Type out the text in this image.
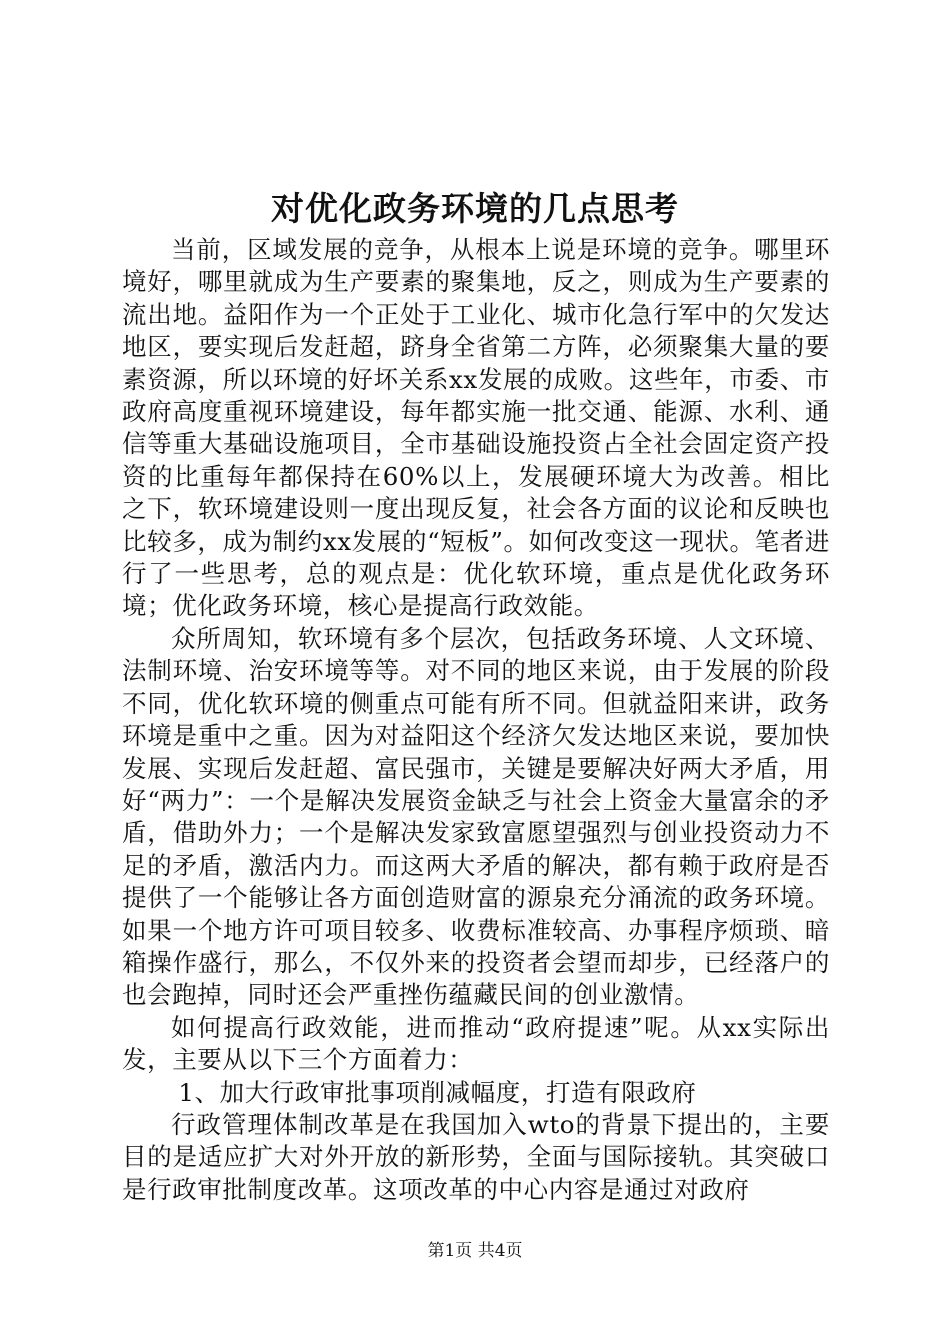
对优化政务环境的几点思考

当前，区域发展的竞争，从根本上说是环境的竞争。哪里环境好，哪里就成为生产要素的聚集地，反之，则成为生产要素的流出地。益阳作为一个正处于工业化、城市化急行军中的欠发达地区，要实现后发赶超，跻身全省第二方阵，必须聚集大量的要素资源，所以环境的好坏关系xx发展的成败。这些年，市委、市政府高度重视环境建设，每年都实施一批交通、能源、水利、通信等重大基础设施项目，全市基础设施投资占全社会固定资产投资的比重每年都保持在60%以上，发展硬环境大为改善。相比之下，软环境建设则一度出现反复，社会各方面的议论和反映也比较多，成为制约xx发展的“短板”。如何改变这一现状。笔者进行了一些思考，总的观点是：优化软环境，重点是优化政务环境；优化政务环境，核心是提高行政效能。

众所周知，软环境有多个层次，包括政务环境、人文环境、法制环境、治安环境等等。对不同的地区来说，由于发展的阶段不同，优化软环境的侧重点可能有所不同。但就益阳来讲，政务环境是重中之重。因为对益阳这个经济欠发达地区来说，要加快发展、实现后发赶超、富民强市，关键是要解决好两大矛盾，用好“两力”：一个是解决发展资金缺乏与社会上资金大量富余的矛盾，借助外力；一个是解决发家致富愿望强烈与创业投资动力不足的矛盾，激活内力。而这两大矛盾的解决，都有赖于政府是否提供了一个能够让各方面创造财富的源泉充分涌流的政务环境。如果一个地方许可项目较多、收费标准较高、办事程序烦琐、暗箱操作盛行，那么，不仅外来的投资者会望而却步，已经落户的也会跑掉，同时还会严重挫伤蕴藏民间的创业激情。

如何提高行政效能，进而推动“政府提速”呢。从xx实际出发，主要从以下三个方面着力：

1、加大行政审批事项削减幅度，打造有限政府

行政管理体制改革是在我国加入wto的背景下提出的，主要目的是适应扩大对外开放的新形势，全面与国际接轨。其突破口是行政审批制度改革。这项改革的中心内容是通过对政府

第1页 共4页
